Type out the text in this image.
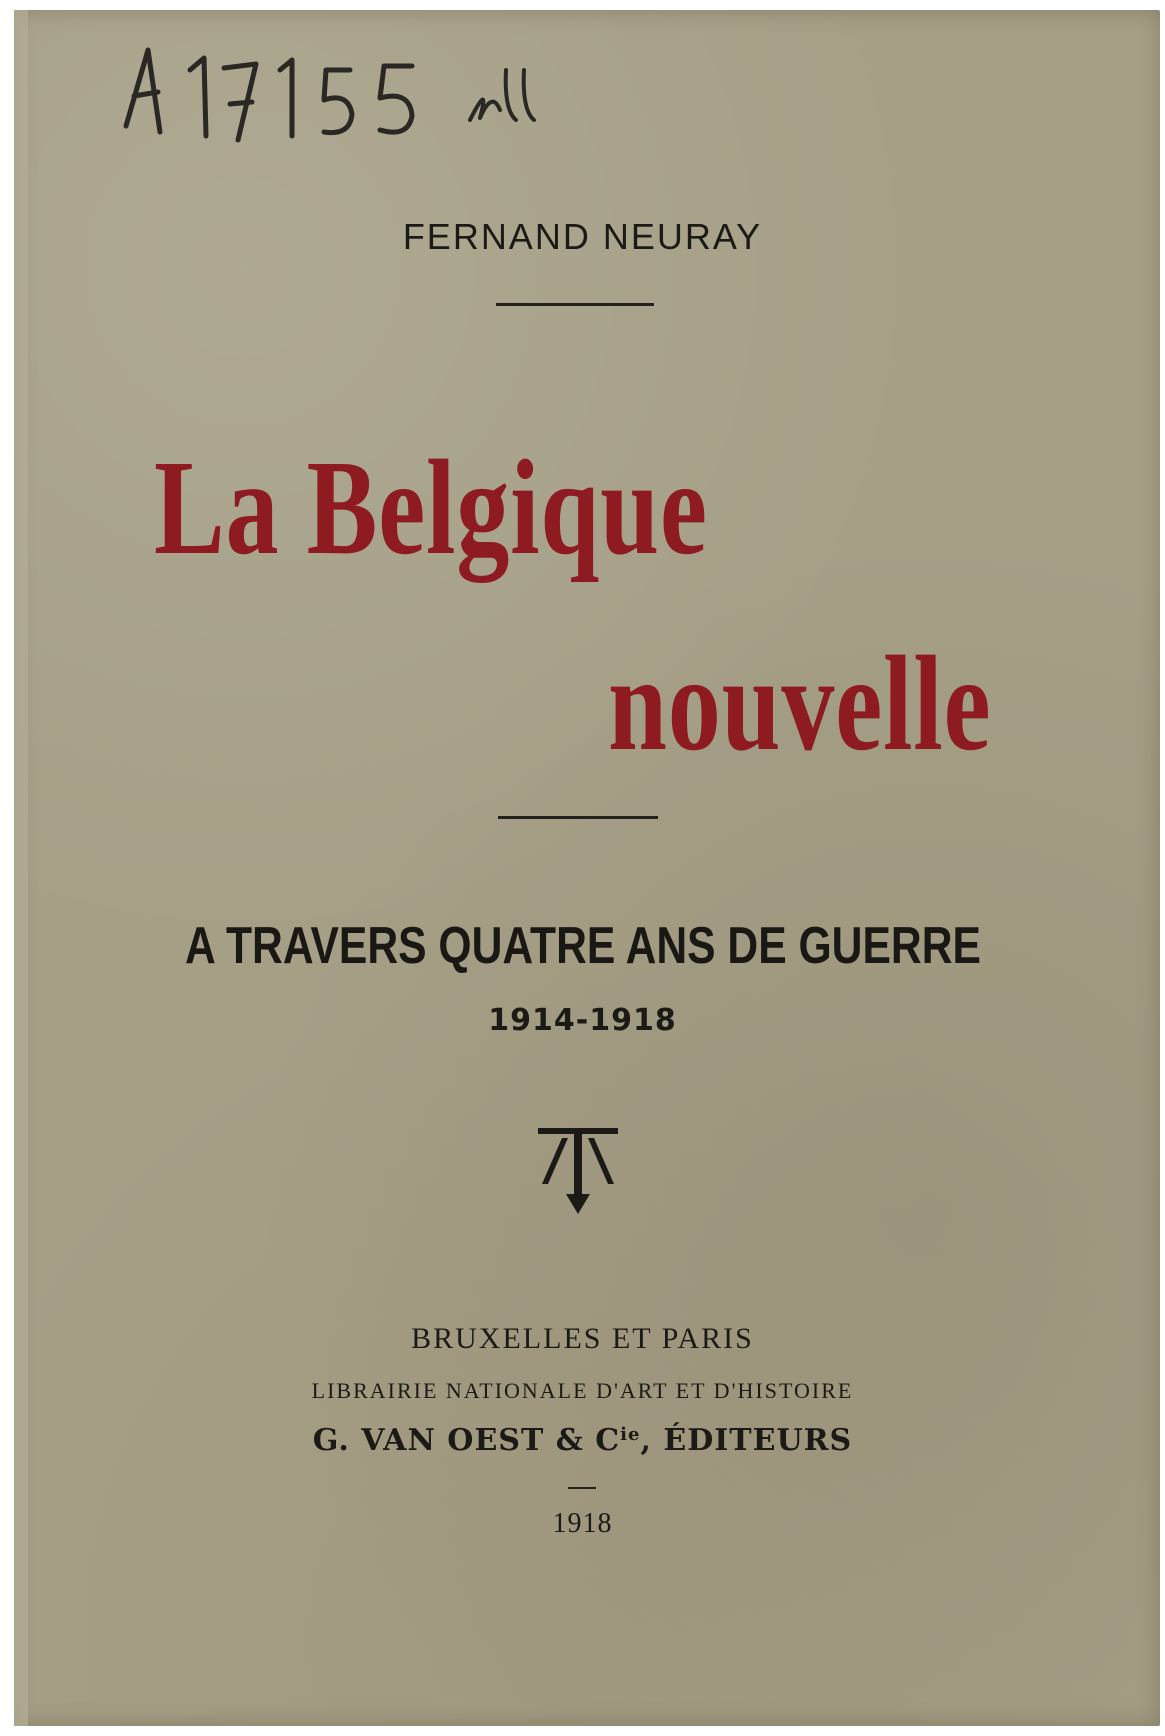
FERNAND NEURAY
La Belgique
nouvelle
A TRAVERS QUATRE ANS DE GUERRE
1914-1918
BRUXELLES ET PARIS
LIBRAIRIE NATIONALE D'ART ET D'HISTOIRE
G. VAN OEST & $C^{ie}$, ÉDITEURS
1918
